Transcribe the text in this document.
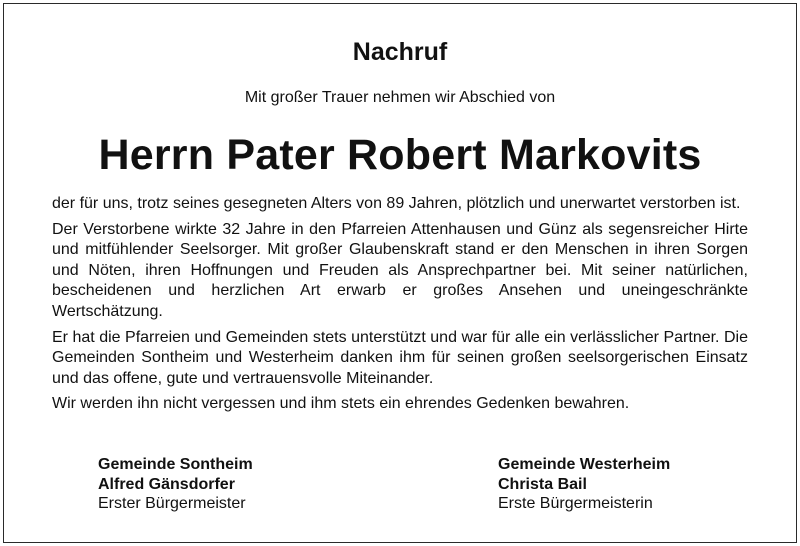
Nachruf
Mit großer Trauer nehmen wir Abschied von
Herrn Pater Robert Markovits

der für uns, trotz seines gesegneten Alters von 89 Jahren, plötzlich und unerwartet verstorben ist.

Der Verstorbene wirkte 32 Jahre in den Pfarreien Attenhausen und Günz als segensreicher Hirte und mitfühlender Seelsorger. Mit großer Glaubenskraft stand er den Menschen in ihren Sorgen und Nöten, ihren Hoffnungen und Freuden als Ansprechpartner bei. Mit seiner natürlichen, bescheidenen und herzlichen Art erwarb er großes Ansehen und uneingeschränkte Wertschätzung.

Er hat die Pfarreien und Gemeinden stets unterstützt und war für alle ein verlässlicher Partner. Die Gemeinden Sontheim und Westerheim danken ihm für seinen großen seelsorgerischen Einsatz und das offene, gute und vertrauensvolle Miteinander.

Wir werden ihn nicht vergessen und ihm stets ein ehrendes Gedenken bewahren.

Gemeinde Sontheim
Alfred Gänsdorfer
Erster Bürgermeister
Gemeinde Westerheim
Christa Bail
Erste Bürgermeisterin
